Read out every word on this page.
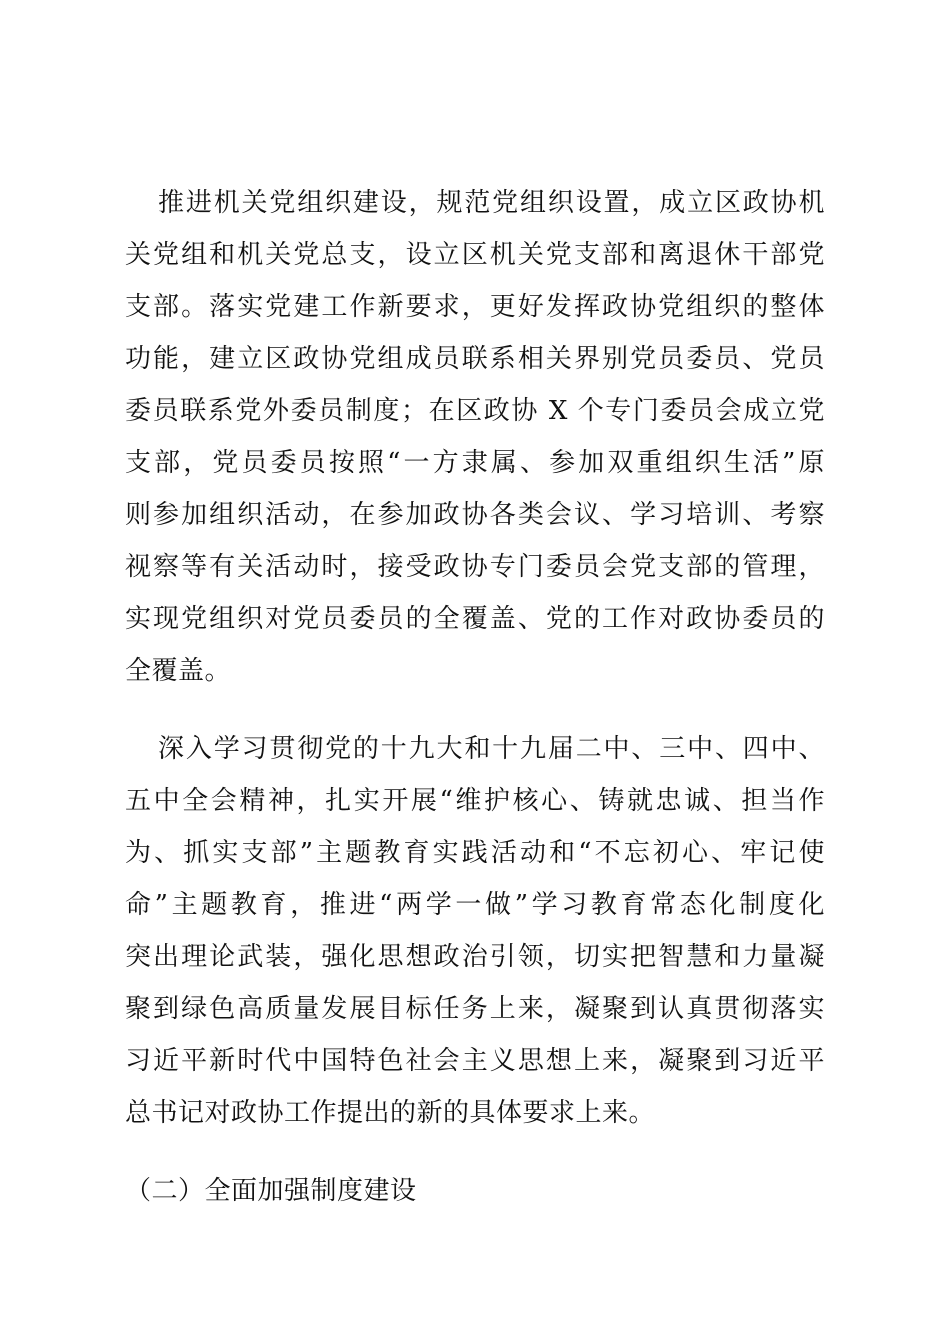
推进机关党组织建设，规范党组织设置，成立区政协机
关党组和机关党总支，设立区机关党支部和离退休干部党
支部。落实党建工作新要求，更好发挥政协党组织的整体
功能，建立区政协党组成员联系相关界别党员委员、党员
委员联系党外委员制度；在区政协 X 个专门委员会成立党
支部，党员委员按照“一方隶属、参加双重组织生活”原
则参加组织活动，在参加政协各类会议、学习培训、考察
视察等有关活动时，接受政协专门委员会党支部的管理，
实现党组织对党员委员的全覆盖、党的工作对政协委员的
全覆盖。
深入学习贯彻党的十九大和十九届二中、三中、四中、
五中全会精神，扎实开展“维护核心、铸就忠诚、担当作
为、抓实支部”主题教育实践活动和“不忘初心、牢记使
命”主题教育，推进“两学一做”学习教育常态化制度化
突出理论武装，强化思想政治引领，切实把智慧和力量凝
聚到绿色高质量发展目标任务上来，凝聚到认真贯彻落实
习近平新时代中国特色社会主义思想上来，凝聚到习近平
总书记对政协工作提出的新的具体要求上来。
（二）全面加强制度建设
